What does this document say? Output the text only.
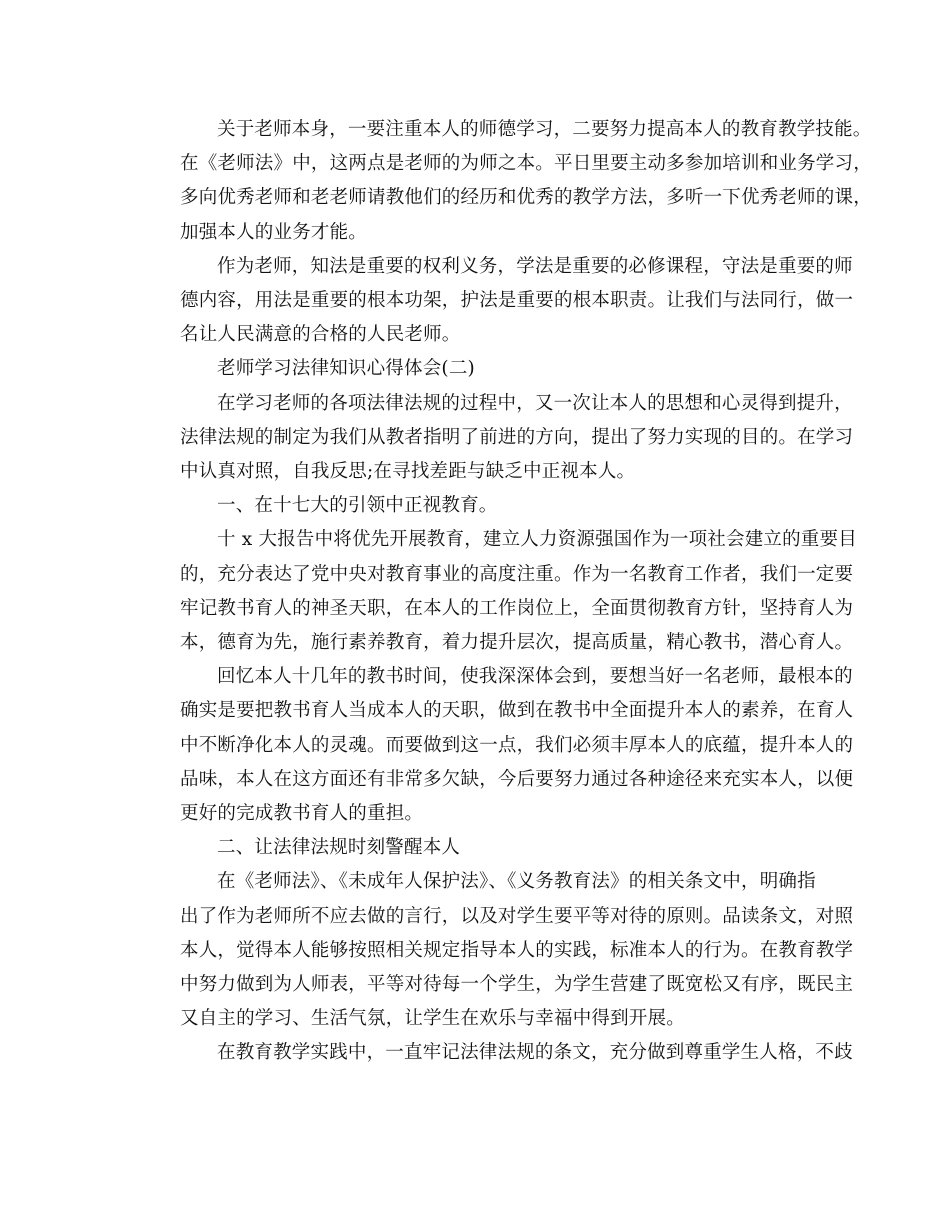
关于老师本身，一要注重本人的师德学习，二要努力提高本人的教育教学技能。
在《老师法》中，这两点是老师的为师之本。平日里要主动多参加培训和业务学习，
多向优秀老师和老老师请教他们的经历和优秀的教学方法，多听一下优秀老师的课，
加强本人的业务才能。
作为老师，知法是重要的权利义务，学法是重要的必修课程，守法是重要的师
德内容，用法是重要的根本功架，护法是重要的根本职责。让我们与法同行，做一
名让人民满意的合格的人民老师。
老师学习法律知识心得体会(二)
在学习老师的各项法律法规的过程中，又一次让本人的思想和心灵得到提升，
法律法规的制定为我们从教者指明了前进的方向，提出了努力实现的目的。在学习
中认真对照，自我反思;在寻找差距与缺乏中正视本人。
一、在十七大的引领中正视教育。
十 x 大报告中将优先开展教育，建立人力资源强国作为一项社会建立的重要目
的，充分表达了党中央对教育事业的高度注重。作为一名教育工作者，我们一定要
牢记教书育人的神圣天职，在本人的工作岗位上，全面贯彻教育方针，坚持育人为
本，德育为先，施行素养教育，着力提升层次，提高质量，精心教书，潜心育人。
回忆本人十几年的教书时间，使我深深体会到，要想当好一名老师，最根本的
确实是要把教书育人当成本人的天职，做到在教书中全面提升本人的素养，在育人
中不断净化本人的灵魂。而要做到这一点，我们必须丰厚本人的底蕴，提升本人的
品味，本人在这方面还有非常多欠缺，今后要努力通过各种途径来充实本人，以便
更好的完成教书育人的重担。
二、让法律法规时刻警醒本人
在《老师法》、《未成年人保护法》、《义务教育法》的相关条文中，明确指
出了作为老师所不应去做的言行，以及对学生要平等对待的原则。品读条文，对照
本人，觉得本人能够按照相关规定指导本人的实践，标准本人的行为。在教育教学
中努力做到为人师表，平等对待每一个学生，为学生营建了既宽松又有序，既民主
又自主的学习、生活气氛，让学生在欢乐与幸福中得到开展。
在教育教学实践中，一直牢记法律法规的条文，充分做到尊重学生人格，不歧
